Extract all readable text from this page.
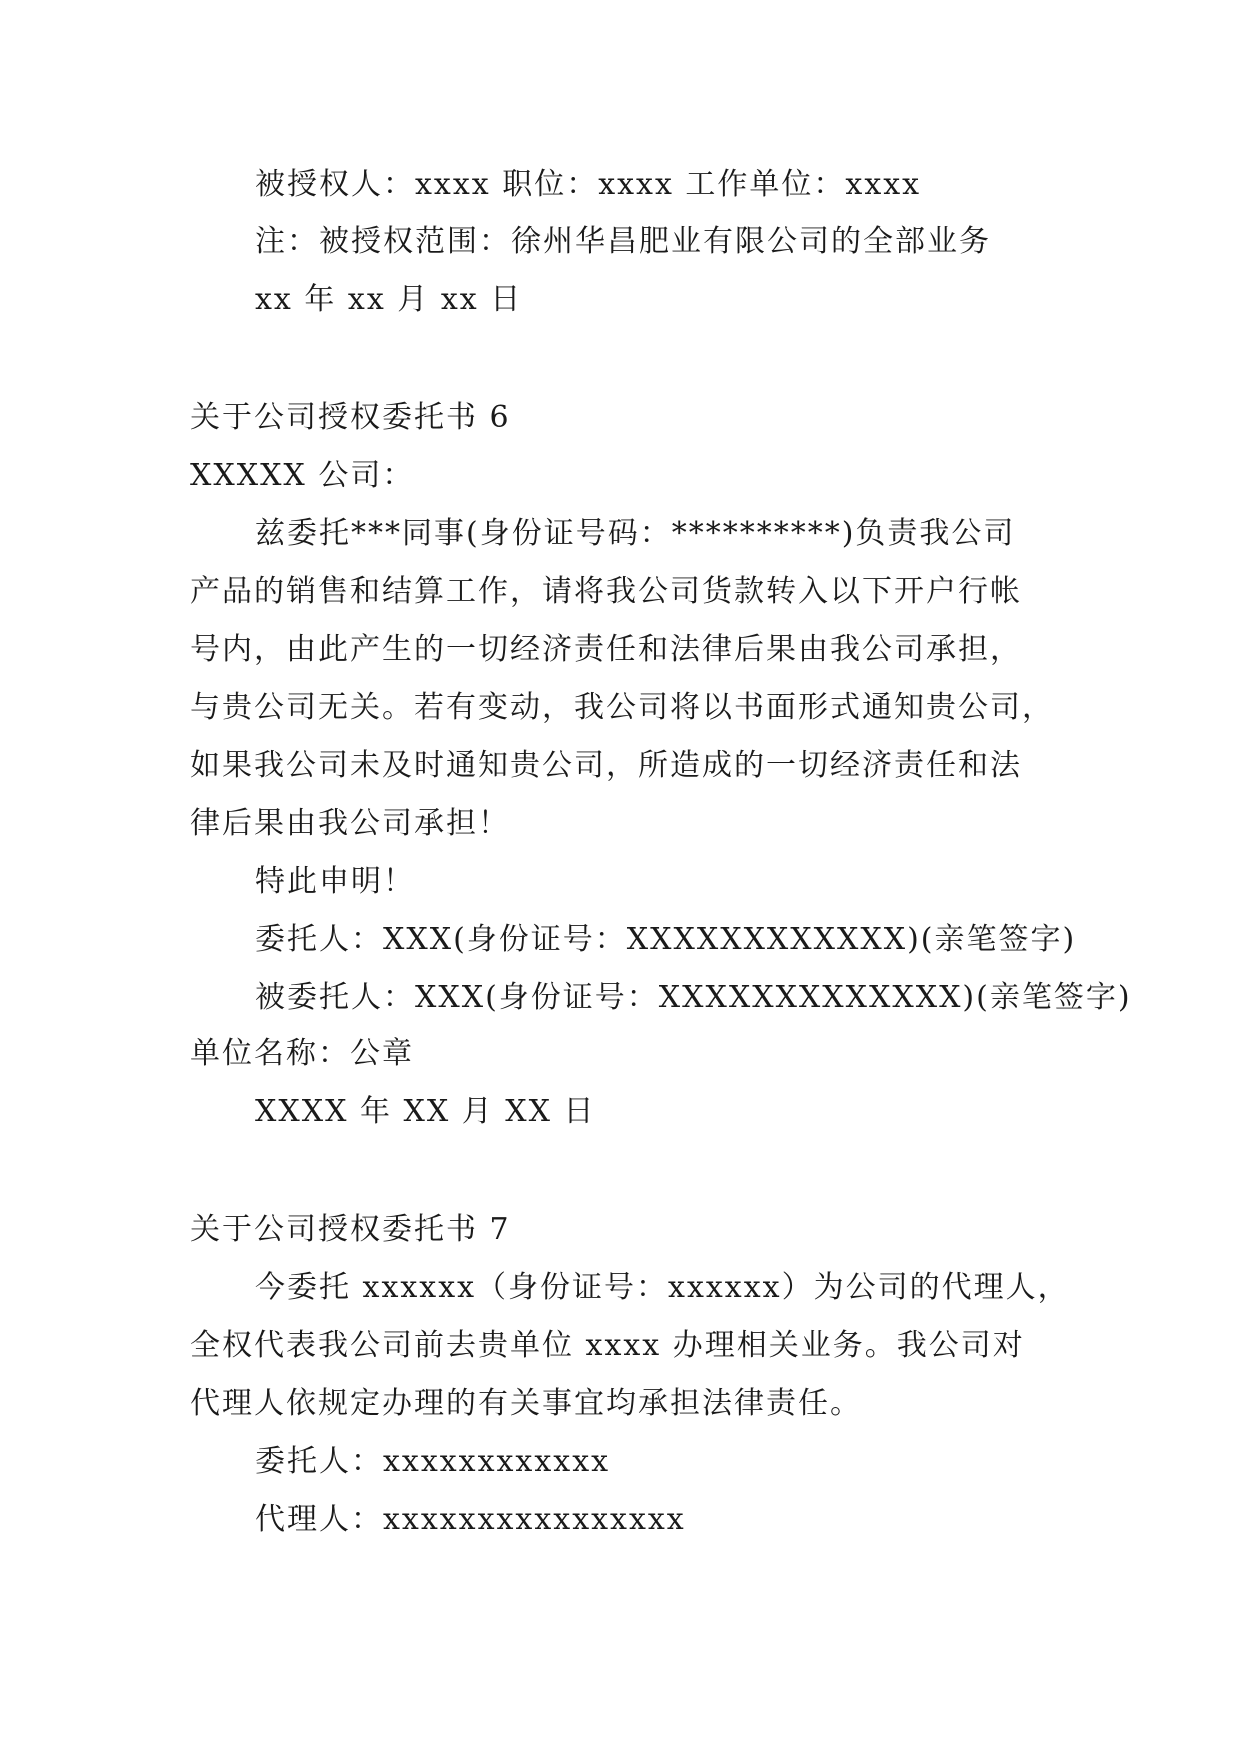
被授权人：xxxx 职位：xxxx 工作单位：xxxx
注：被授权范围：徐州华昌肥业有限公司的全部业务
xx 年 xx 月 xx 日
关于公司授权委托书 6
XXXXX 公司：
兹委托***同事(身份证号码：**********)负责我公司
产品的销售和结算工作，请将我公司货款转入以下开户行帐
号内，由此产生的一切经济责任和法律后果由我公司承担，
与贵公司无关。若有变动，我公司将以书面形式通知贵公司，
如果我公司未及时通知贵公司，所造成的一切经济责任和法
律后果由我公司承担！
特此申明！
委托人：XXX(身份证号：XXXXXXXXXXXX)(亲笔签字)
被委托人：XXX(身份证号：XXXXXXXXXXXXX)(亲笔签字)
单位名称：公章
XXXX 年 XX 月 XX 日
关于公司授权委托书 7
今委托 xxxxxx（身份证号：xxxxxx）为公司的代理人，
全权代表我公司前去贵单位 xxxx 办理相关业务。我公司对
代理人依规定办理的有关事宜均承担法律责任。
委托人：xxxxxxxxxxxx
代理人：xxxxxxxxxxxxxxxx
